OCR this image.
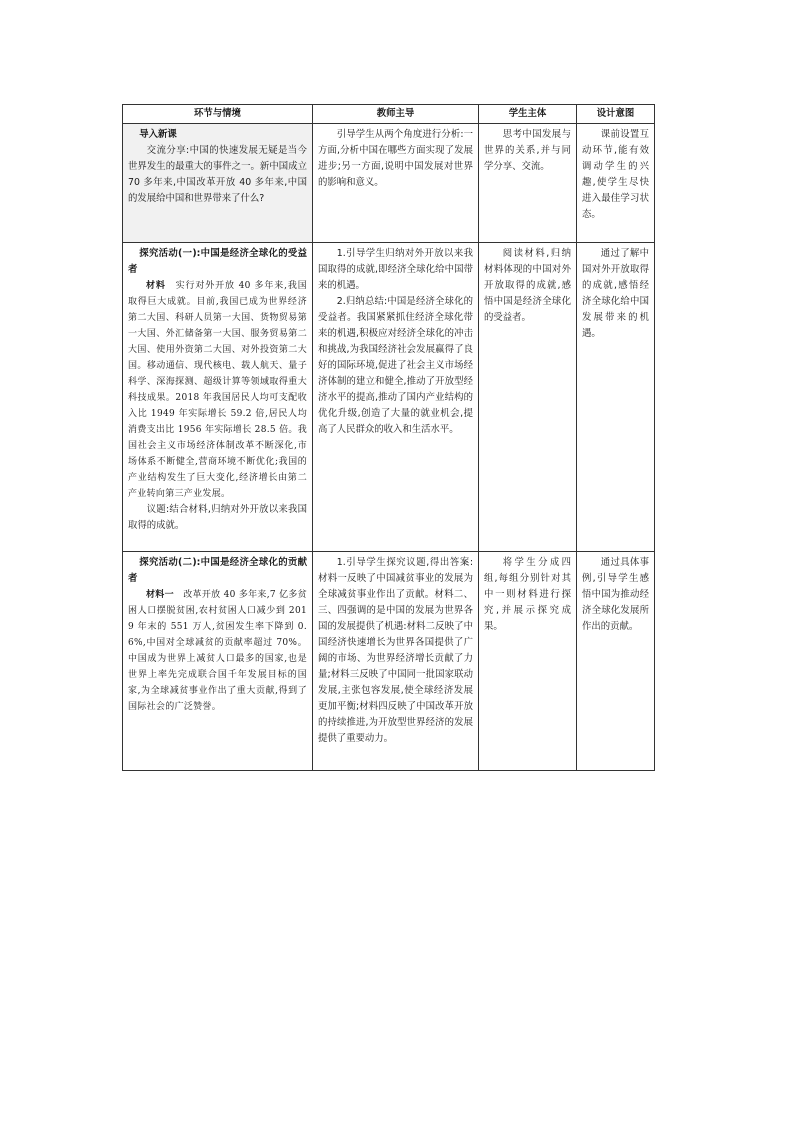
环节与情境	教师主导	学生主体	设计意图

导入新课
交流分享:中国的快速发展无疑是当今世界发生的最重大的事件之一。新中国成立 70 多年来,中国改革开放 40 多年来,中国的发展给中国和世界带来了什么?	引导学生从两个角度进行分析:一方面,分析中国在哪些方面实现了发展进步;另一方面,说明中国发展对世界的影响和意义。	思考中国发展与世界的关系,并与同学分享、交流。	课前设置互动环节,能有效调动学生的兴趣,使学生尽快进入最佳学习状态。

探究活动(一):中国是经济全球化的受益者
材料　 实行对外开放 40 多年来,我国取得巨大成就。目前,我国已成为世界经济第二大国、科研人员第一大国、货物贸易第一大国、外汇储备第一大国、服务贸易第二大国、使用外资第二大国、对外投资第二大国。移动通信、现代核电、载人航天、量子科学、深海探测、超级计算等领域取得重大科技成果。2018 年我国居民人均可支配收入比 1949 年实际增长 59.2 倍,居民人均消费支出比 1956 年实际增长 28.5 倍。我国社会主义市场经济体制改革不断深化,市场体系不断健全,营商环境不断优化;我国的产业结构发生了巨大变化,经济增长由第二产业转向第三产业发展。
议题:结合材料,归纳对外开放以来我国取得的成就。	1.引导学生归纳对外开放以来我国取得的成就,即经济全球化给中国带来的机遇。
2.归纳总结:中国是经济全球化的受益者。我国紧紧抓住经济全球化带来的机遇,积极应对经济全球化的冲击和挑战,为我国经济社会发展赢得了良好的国际环境,促进了社会主义市场经济体制的建立和健全,推动了开放型经济水平的提高,推动了国内产业结构的优化升级,创造了大量的就业机会,提高了人民群众的收入和生活水平。	阅读材料,归纳材料体现的中国对外开放取得的成就,感悟中国是经济全球化的受益者。	通过了解中国对外开放取得的成就,感悟经济全球化给中国发展带来的机遇。

探究活动(二):中国是经济全球化的贡献者
材料一　 改革开放 40 多年来,7 亿多贫困人口摆脱贫困,农村贫困人口减少到 2019 年末的 551 万人,贫困发生率下降到 0.6%,中国对全球减贫的贡献率超过 70%。中国成为世界上减贫人口最多的国家,也是世界上率先完成联合国千年发展目标的国家,为全球减贫事业作出了重大贡献,得到了国际社会的广泛赞誉。	1.引导学生探究议题,得出答案:材料一反映了中国减贫事业的发展为全球减贫事业作出了贡献。材料二、三、四强调的是中国的发展为世界各国的发展提供了机遇:材料二反映了中国经济快速增长为世界各国提供了广阔的市场、为世界经济增长贡献了力量;材料三反映了中国同一批国家联动发展,主张包容发展,使全球经济发展更加平衡;材料四反映了中国改革开放的持续推进,为开放型世界经济的发展提供了重要动力。	将学生分成四组,每组分别针对其中一则材料进行探究,并展示探究成果。	通过具体事例,引导学生感悟中国为推动经济全球化发展所作出的贡献。
